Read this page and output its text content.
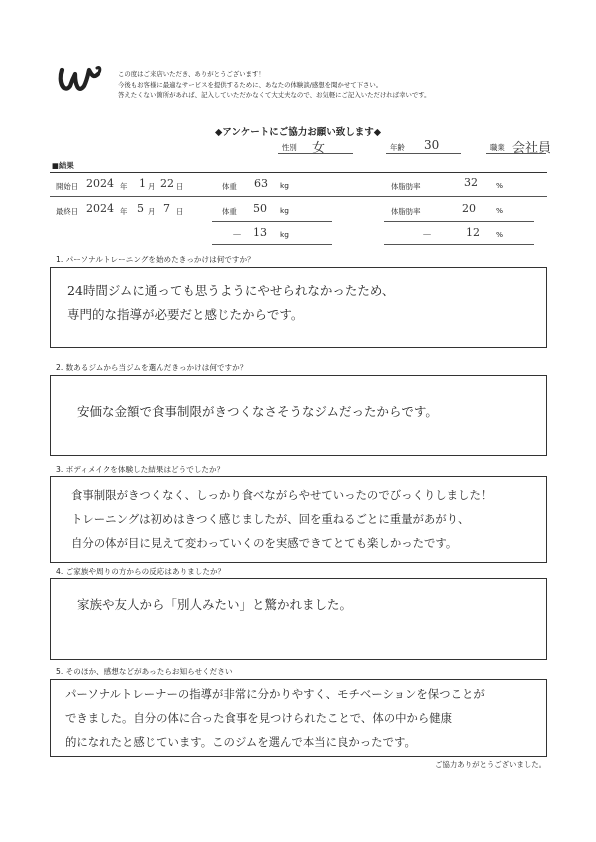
この度はご来店いただき、ありがとうございます！
今後もお客様に最適なサービスを提供するために、あなたの体験談/感想を聞かせて下さい。
答えたくない箇所があれば、記入していただかなくて大丈夫なので、お気軽にご記入いただければ幸いです。
◆アンケートにご協力お願い致します◆
性別 女	年齢 30	職業 会社員
■結果
開始日 2024 年 1 月 22 日	体重 63 kg	体脂肪率	32 %
最終日 2024 年 5 月 7 日	体重 50 kg	体脂肪率	20	%
－ 13 kg	－	12 %
1. パーソナルトレーニングを始めたきっかけは何ですか？
24時間ジムに通っても思うようにやせられなかったため、
専門的な指導が必要だと感じたからです。
2. 数あるジムから当ジムを選んだきっかけは何ですか？
安価な金額で食事制限がきつくなさそうなジムだったからです。
3. ボディメイクを体験した結果はどうでしたか？
食事制限がきつくなく、しっかり食べながらやせていったのでびっくりしました！
トレーニングは初めはきつく感じましたが、回を重ねるごとに重量があがり、
自分の体が目に見えて変わっていくのを実感できてとても楽しかったです。
4. ご家族や周りの方からの反応はありましたか？
家族や友人から「別人みたい」と驚かれました。
5. そのほか、感想などがあったらお知らせください
パーソナルトレーナーの指導が非常に分かりやすく、モチベーションを保つことが
できました。自分の体に合った食事を見つけられたことで、体の中から健康
的になれたと感じています。このジムを選んで本当に良かったです。
ご協力ありがとうございました。
